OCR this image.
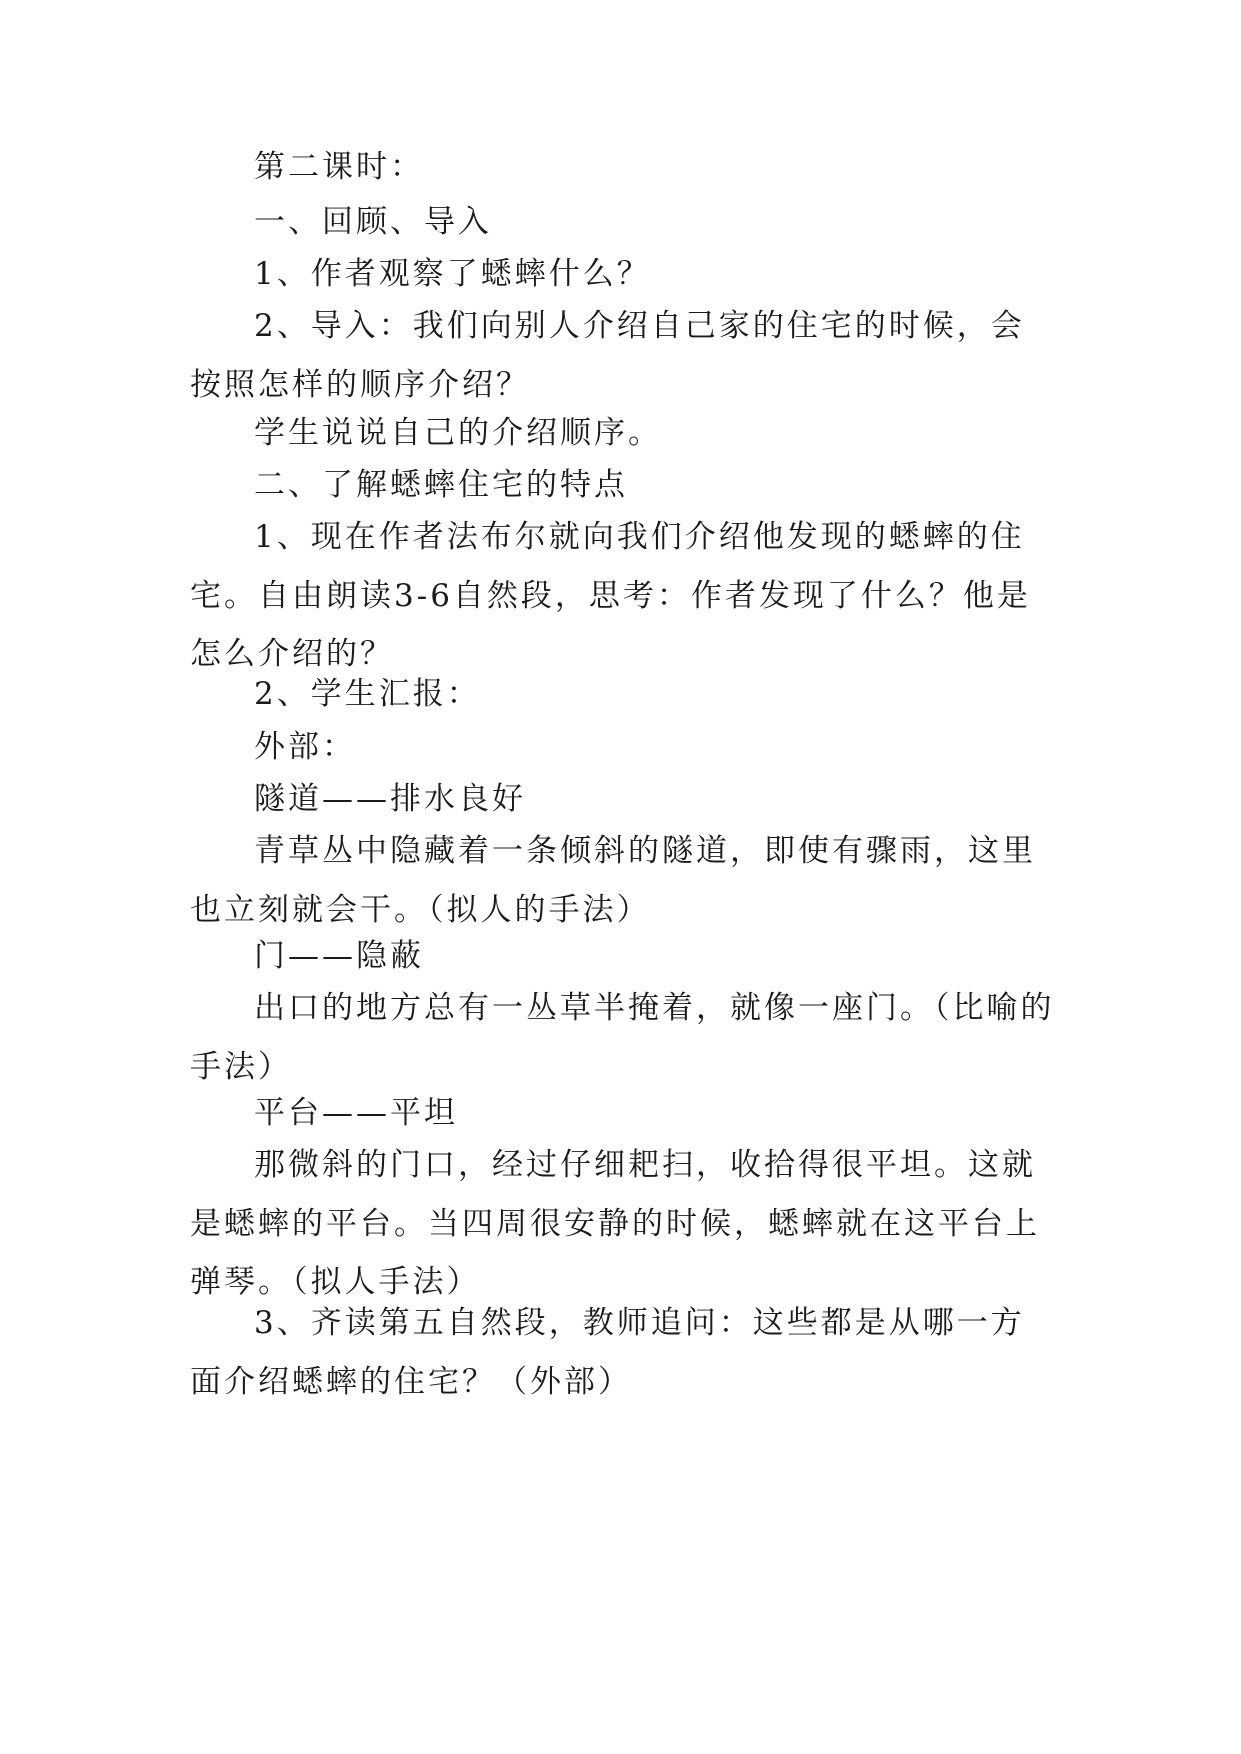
第二课时：

一、回顾、导入

1、作者观察了蟋蟀什么？

2、导入：我们向别人介绍自己家的住宅的时候，会按照怎样的顺序介绍？

学生说说自己的介绍顺序。

二、了解蟋蟀住宅的特点

1、现在作者法布尔就向我们介绍他发现的蟋蟀的住宅。自由朗读3-6自然段，思考：作者发现了什么？他是怎么介绍的？

2、学生汇报：

外部：

隧道——排水良好

青草丛中隐藏着一条倾斜的隧道，即使有骤雨，这里也立刻就会干。（拟人的手法）

门——隐蔽

出口的地方总有一丛草半掩着，就像一座门。（比喻的手法）

平台——平坦

那微斜的门口，经过仔细耙扫，收拾得很平坦。这就是蟋蟀的平台。当四周很安静的时候，蟋蟀就在这平台上弹琴。（拟人手法）

3、齐读第五自然段，教师追问：这些都是从哪一方面介绍蟋蟀的住宅？（外部）
